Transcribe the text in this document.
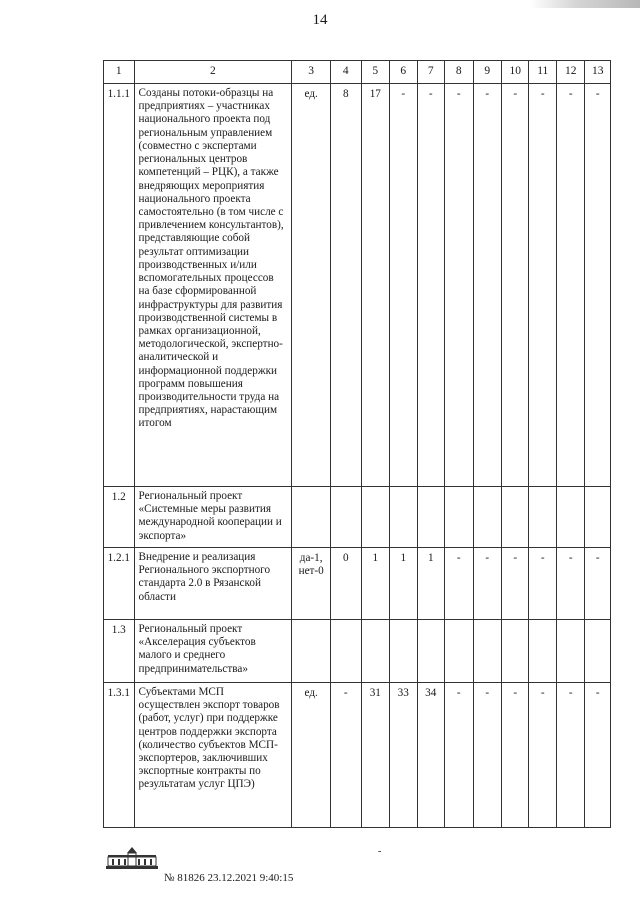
14
1	2	3	4	5	6	7	8	9	10	11	12	13
1.1.1	Созданы потоки-образцы на предприятиях – участниках национального проекта под региональным управлением (совместно с экспертами региональных центров компетенций – РЦК), а также внедряющих мероприятия национального проекта самостоятельно (в том числе с привлечением консультантов), представляющие собой результат оптимизации производственных и/или вспомогательных процессов на базе сформированной инфраструктуры для развития производственной системы в рамках организационной, методологической, экспертно-аналитической и информационной поддержки программ повышения производительности труда на предприятиях, нарастающим итогом	ед.	8	17	-	-	-	-	-	-	-	-
1.2	Региональный проект «Системные меры развития международной кооперации и экспорта»											
1.2.1	Внедрение и реализация Регионального экспортного стандарта 2.0 в Рязанской области	да-1, нет-0	0	1	1	1	-	-	-	-	-	-
1.3	Региональный проект «Акселерация субъектов малого и среднего предпринимательства»											
1.3.1	Субъектами МСП осуществлен экспорт товаров (работ, услуг) при поддержке центров поддержки экспорта (количество субъектов МСП-экспортеров, заключивших экспортные контракты по результатам услуг ЦПЭ)	ед.	-	31	33	34	-	-	-	-	-	-
-
№ 81826 23.12.2021 9:40:15
